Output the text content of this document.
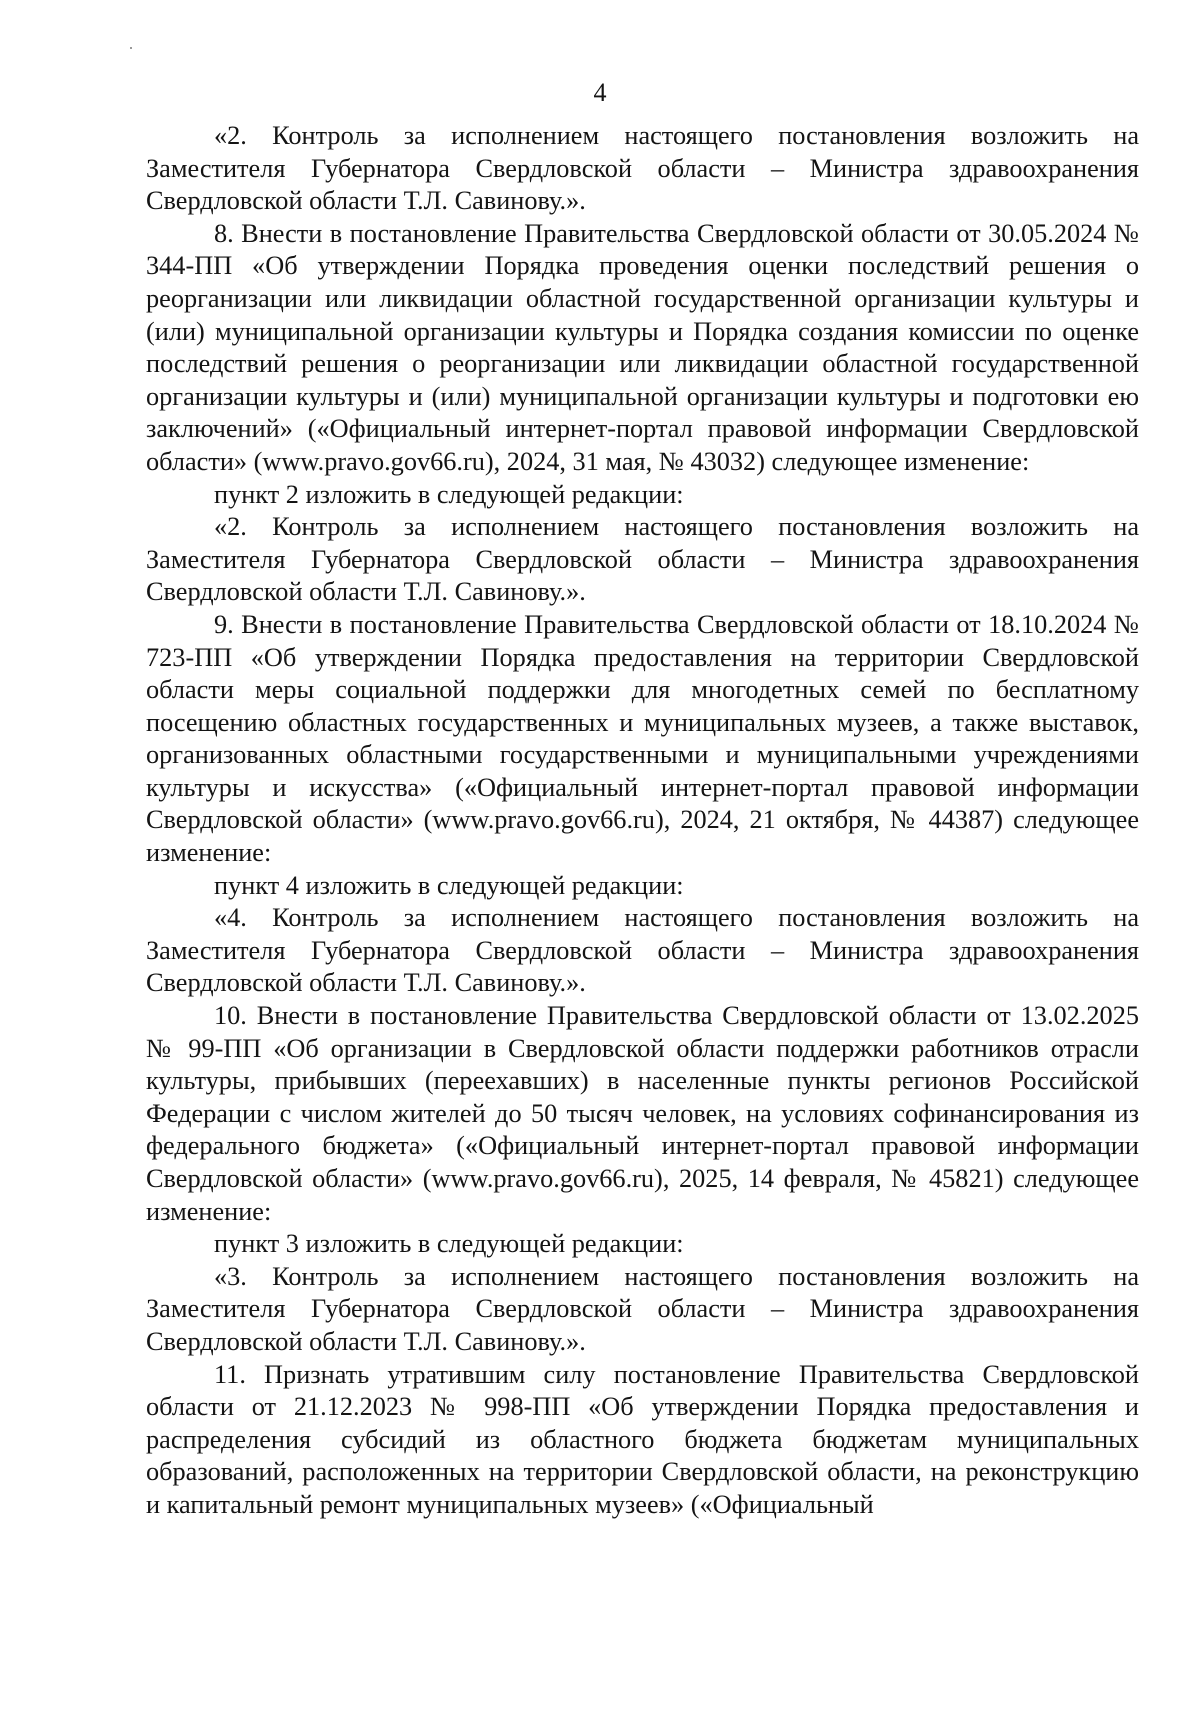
4

«2. Контроль за исполнением настоящего постановления возложить на Заместителя Губернатора Свердловской области – Министра здравоохранения Свердловской области Т.Л. Савинову.».

8. Внести в постановление Правительства Свердловской области от 30.05.2024 № 344-ПП «Об утверждении Порядка проведения оценки последствий решения о реорганизации или ликвидации областной государственной организации культуры и (или) муниципальной организации культуры и Порядка создания комиссии по оценке последствий решения о реорганизации или ликвидации областной государственной организации культуры и (или) муниципальной организации культуры и подготовки ею заключений» («Официальный интернет-портал правовой информации Свердловской области» (www.pravo.gov66.ru), 2024, 31 мая, № 43032) следующее изменение:

пункт 2 изложить в следующей редакции:

«2. Контроль за исполнением настоящего постановления возложить на Заместителя Губернатора Свердловской области – Министра здравоохранения Свердловской области Т.Л. Савинову.».

9. Внести в постановление Правительства Свердловской области от 18.10.2024 № 723-ПП «Об утверждении Порядка предоставления на территории Свердловской области меры социальной поддержки для многодетных семей по бесплатному посещению областных государственных и муниципальных музеев, а также выставок, организованных областными государственными и муниципальными учреждениями культуры и искусства» («Официальный интернет-портал правовой информации Свердловской области» (www.pravo.gov66.ru), 2024, 21 октября, № 44387) следующее изменение:

пункт 4 изложить в следующей редакции:

«4. Контроль за исполнением настоящего постановления возложить на Заместителя Губернатора Свердловской области – Министра здравоохранения Свердловской области Т.Л. Савинову.».

10. Внести в постановление Правительства Свердловской области от 13.02.2025 № 99-ПП «Об организации в Свердловской области поддержки работников отрасли культуры, прибывших (переехавших) в населенные пункты регионов Российской Федерации с числом жителей до 50 тысяч человек, на условиях софинансирования из федерального бюджета» («Официальный интернет-портал правовой информации Свердловской области» (www.pravo.gov66.ru), 2025, 14 февраля, № 45821) следующее изменение:

пункт 3 изложить в следующей редакции:

«3. Контроль за исполнением настоящего постановления возложить на Заместителя Губернатора Свердловской области – Министра здравоохранения Свердловской области Т.Л. Савинову.».

11. Признать утратившим силу постановление Правительства Свердловской области от 21.12.2023 № 998-ПП «Об утверждении Порядка предоставления и распределения субсидий из областного бюджета бюджетам муниципальных образований, расположенных на территории Свердловской области, на реконструкцию и капитальный ремонт муниципальных музеев» («Официальный
